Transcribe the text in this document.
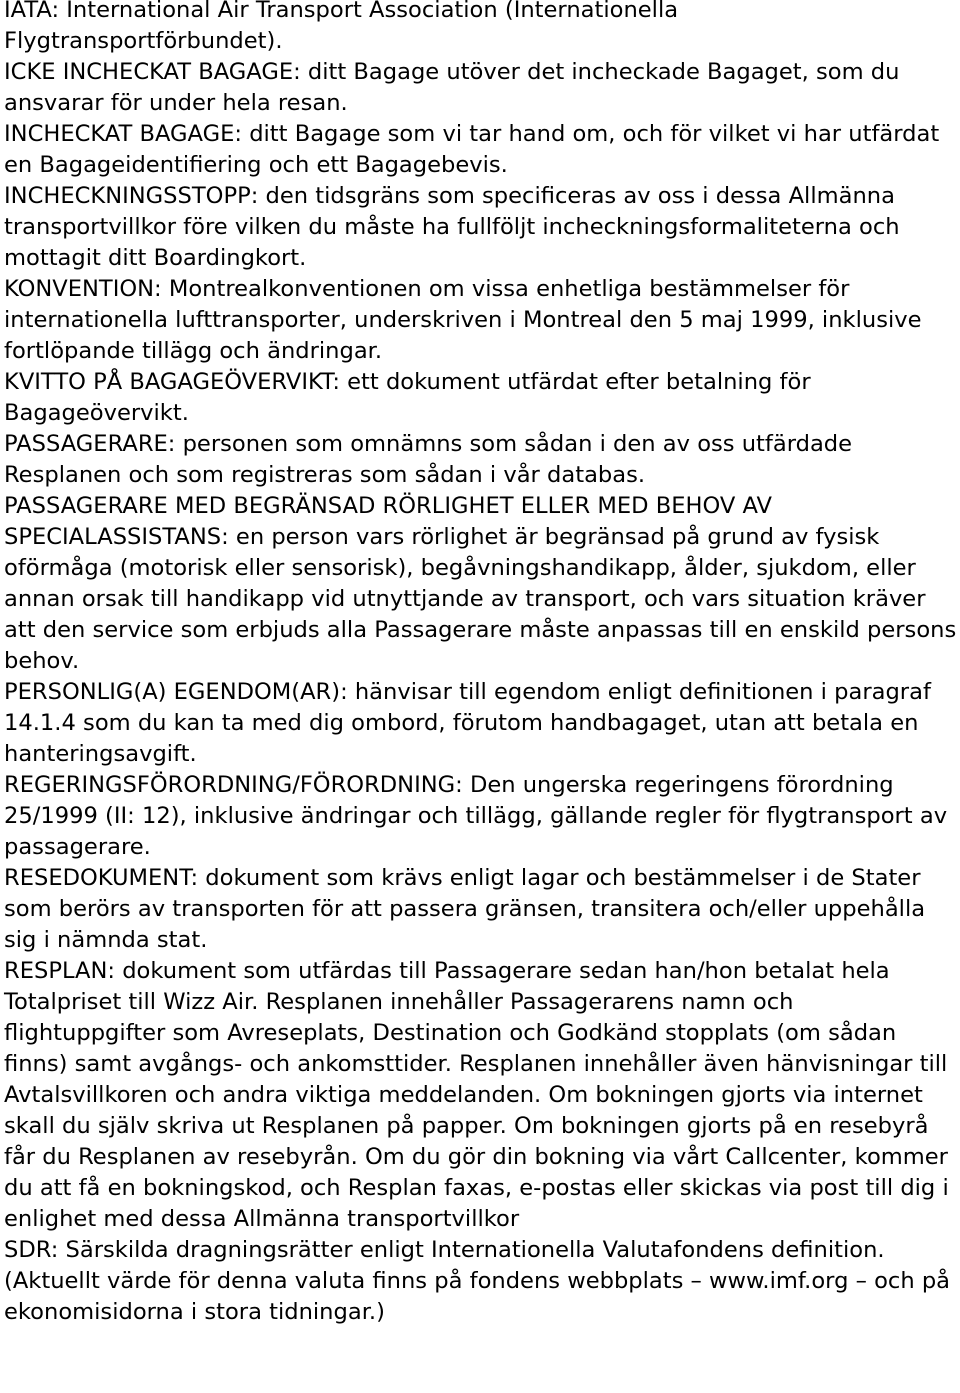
IATA: International Air Transport Association (Internationella Flygtransportförbundet).

ICKE INCHECKAT BAGAGE: ditt Bagage utöver det incheckade Bagaget, som du ansvarar för under hela resan.

INCHECKAT BAGAGE: ditt Bagage som vi tar hand om, och för vilket vi har utfärdat en Bagageidentifiering och ett Bagagebevis.

INCHECKNINGSSTOPP: den tidsgräns som specificeras av oss i dessa Allmänna transportvillkor före vilken du måste ha fullföljt incheckningsformaliteterna och mottagit ditt Boardingkort.

KONVENTION: Montrealkonventionen om vissa enhetliga bestämmelser för internationella lufttransporter, underskriven i Montreal den 5 maj 1999, inklusive fortlöpande tillägg och ändringar.

KVITTO PÅ BAGAGEÖVERVIKT: ett dokument utfärdat efter betalning för Bagageövervikt.

PASSAGERARE: personen som omnämns som sådan i den av oss utfärdade Resplanen och som registreras som sådan i vår databas.

PASSAGERARE MED BEGRÄNSAD RÖRLIGHET ELLER MED BEHOV AV SPECIALASSISTANS: en person vars rörlighet är begränsad på grund av fysisk oförmåga (motorisk eller sensorisk), begåvningshandikapp, ålder, sjukdom, eller annan orsak till handikapp vid utnyttjande av transport, och vars situation kräver att den service som erbjuds alla Passagerare måste anpassas till en enskild persons behov.

PERSONLIG(A) EGENDOM(AR): hänvisar till egendom enligt definitionen i paragraf 14.1.4 som du kan ta med dig ombord, förutom handbagaget, utan att betala en hanteringsavgift.

REGERINGSFÖRORDNING/FÖRORDNING: Den ungerska regeringens förordning 25/1999 (II: 12), inklusive ändringar och tillägg, gällande regler för flygtransport av passagerare.

RESEDOKUMENT: dokument som krävs enligt lagar och bestämmelser i de Stater som berörs av transporten för att passera gränsen, transitera och/eller uppehålla sig i nämnda stat.

RESPLAN: dokument som utfärdas till Passagerare sedan han/hon betalat hela Totalpriset till Wizz Air. Resplanen innehåller Passagerarens namn och flightuppgifter som Avreseplats, Destination och Godkänd stopplats (om sådan finns) samt avgångs- och ankomsttider. Resplanen innehåller även hänvisningar till Avtalsvillkoren och andra viktiga meddelanden. Om bokningen gjorts via internet skall du själv skriva ut Resplanen på papper. Om bokningen gjorts på en resebyrå får du Resplanen av resebyrån. Om du gör din bokning via vårt Callcenter, kommer du att få en bokningskod, och Resplan faxas, e-postas eller skickas via post till dig i enlighet med dessa Allmänna transportvillkor

SDR: Särskilda dragningsrätter enligt Internationella Valutafondens definition.

(Aktuellt värde för denna valuta finns på fondens webbplats – www.imf.org – och på ekonomisidorna i stora tidningar.)
